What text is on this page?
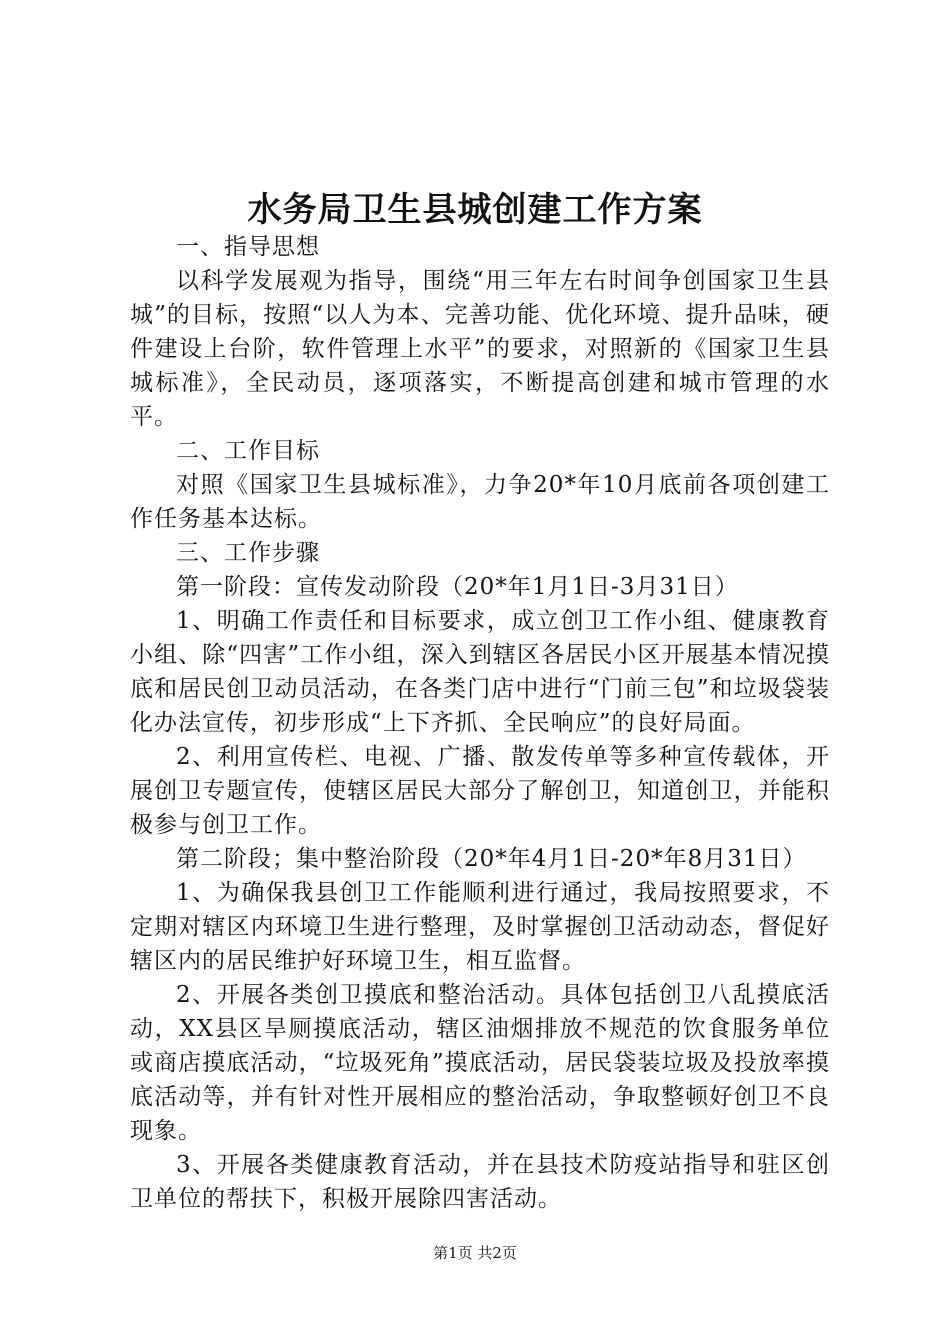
水务局卫生县城创建工作方案

一、指导思想

以科学发展观为指导，围绕“用三年左右时间争创国家卫生县城”的目标，按照“以人为本、完善功能、优化环境、提升品味，硬件建设上台阶，软件管理上水平”的要求，对照新的《国家卫生县城标准》，全民动员，逐项落实，不断提高创建和城市管理的水平。

二、工作目标

对照《国家卫生县城标准》，力争20*年10月底前各项创建工作任务基本达标。

三、工作步骤

第一阶段：宣传发动阶段（20*年1月1日-3月31日）

1、明确工作责任和目标要求，成立创卫工作小组、健康教育小组、除“四害”工作小组，深入到辖区各居民小区开展基本情况摸底和居民创卫动员活动，在各类门店中进行“门前三包”和垃圾袋装化办法宣传，初步形成“上下齐抓、全民响应”的良好局面。

2、利用宣传栏、电视、广播、散发传单等多种宣传载体，开展创卫专题宣传，使辖区居民大部分了解创卫，知道创卫，并能积极参与创卫工作。

第二阶段；集中整治阶段（20*年4月1日-20*年8月31日）

1、为确保我县创卫工作能顺利进行通过，我局按照要求，不定期对辖区内环境卫生进行整理，及时掌握创卫活动动态，督促好辖区内的居民维护好环境卫生，相互监督。

2、开展各类创卫摸底和整治活动。具体包括创卫八乱摸底活动，XX县区旱厕摸底活动，辖区油烟排放不规范的饮食服务单位或商店摸底活动，“垃圾死角”摸底活动，居民袋装垃圾及投放率摸底活动等，并有针对性开展相应的整治活动，争取整顿好创卫不良现象。

3、开展各类健康教育活动，并在县技术防疫站指导和驻区创卫单位的帮扶下，积极开展除四害活动。

第1页 共2页
